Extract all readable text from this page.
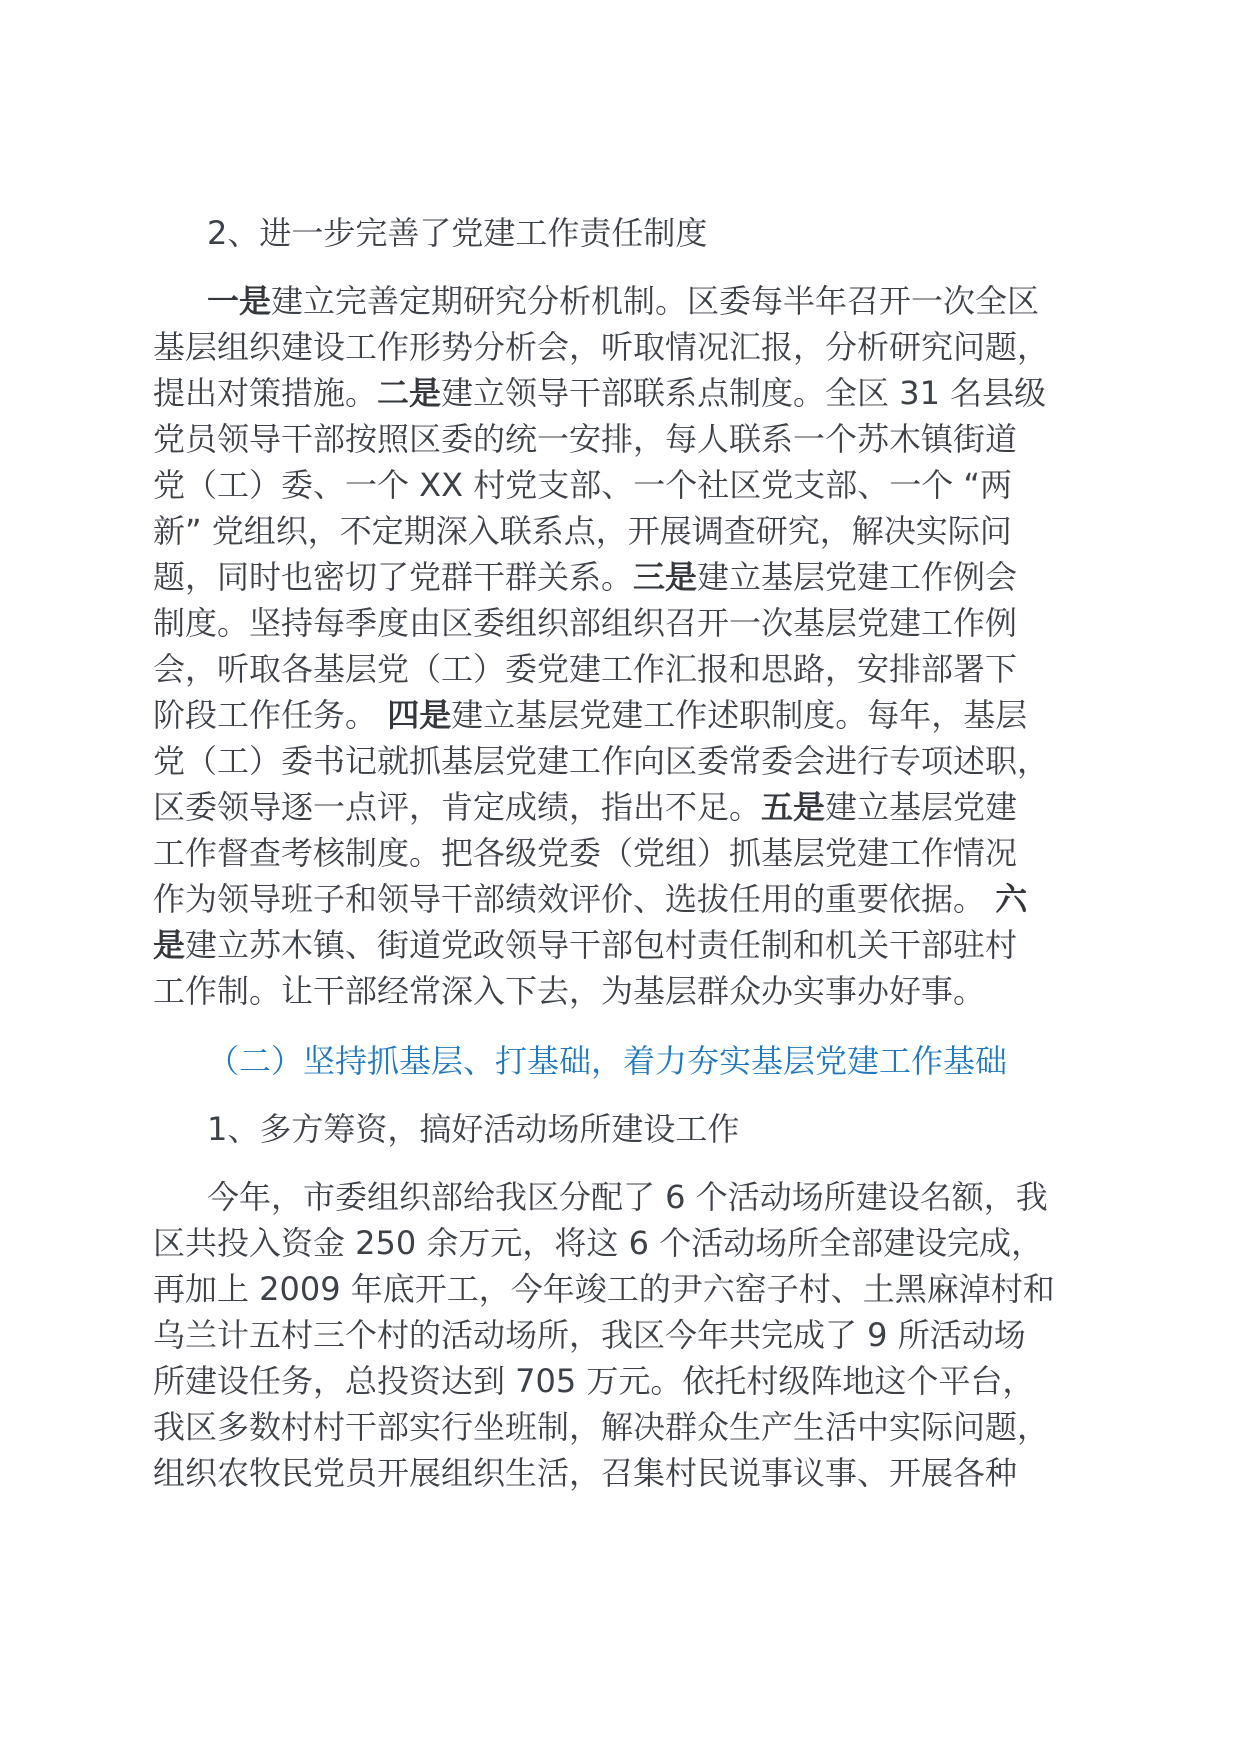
2、进一步完善了党建工作责任制度

一是建立完善定期研究分析机制。区委每半年召开一次全区
基层组织建设工作形势分析会，听取情况汇报，分析研究问题，
提出对策措施。二是建立领导干部联系点制度。全区 31 名县级
党员领导干部按照区委的统一安排，每人联系一个苏木镇街道
党（工）委、一个 XX 村党支部、一个社区党支部、一个 “两
新” 党组织，不定期深入联系点，开展调查研究，解决实际问
题，同时也密切了党群干群关系。三是建立基层党建工作例会
制度。坚持每季度由区委组织部组织召开一次基层党建工作例
会，听取各基层党（工）委党建工作汇报和思路，安排部署下
阶段工作任务。 四是建立基层党建工作述职制度。每年，基层
党（工）委书记就抓基层党建工作向区委常委会进行专项述职，
区委领导逐一点评，肯定成绩，指出不足。五是建立基层党建
工作督查考核制度。把各级党委（党组）抓基层党建工作情况
作为领导班子和领导干部绩效评价、选拔任用的重要依据。 六
是建立苏木镇、街道党政领导干部包村责任制和机关干部驻村
工作制。让干部经常深入下去，为基层群众办实事办好事。

（二）坚持抓基层、打基础，着力夯实基层党建工作基础

1、多方筹资，搞好活动场所建设工作

今年，市委组织部给我区分配了 6 个活动场所建设名额，我
区共投入资金 250 余万元，将这 6 个活动场所全部建设完成，
再加上 2009 年底开工，今年竣工的尹六窑子村、土黑麻淖村和
乌兰计五村三个村的活动场所，我区今年共完成了 9 所活动场
所建设任务，总投资达到 705 万元。依托村级阵地这个平台，
我区多数村村干部实行坐班制，解决群众生产生活中实际问题，
组织农牧民党员开展组织生活，召集村民说事议事、开展各种
